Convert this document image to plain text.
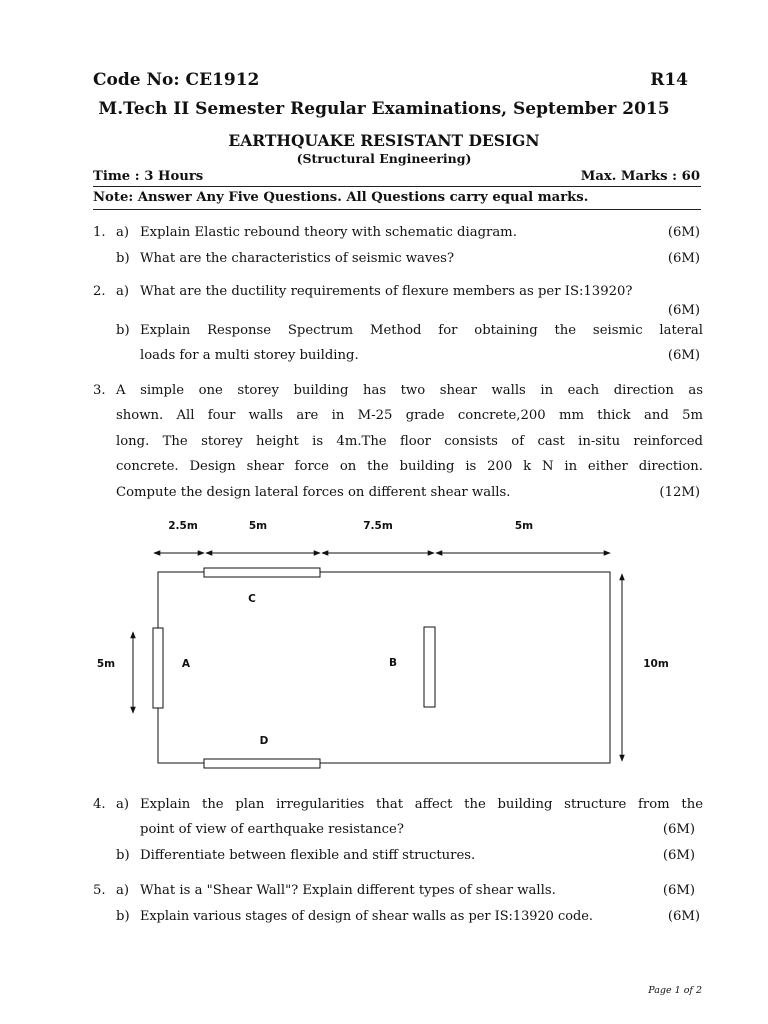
Code No: CE1912	R14
M.Tech II Semester Regular Examinations, September 2015
EARTHQUAKE RESISTANT DESIGN
(Structural Engineering)
Time : 3 Hours	Max. Marks : 60
Note: Answer Any Five Questions. All Questions carry equal marks.
1. a) Explain Elastic rebound theory with schematic diagram.	(6M)
b) What are the characteristics of seismic waves?	(6M)
2. a) What are the ductility requirements of flexure members as per IS:13920?
(6M)
b) Explain Response Spectrum Method for obtaining the seismic lateral
loads for a multi storey building.	(6M)
3. A simple one storey building has two shear walls in each direction as
shown. All four walls are in M-25 grade concrete,200 mm thick and 5m
long. The storey height is 4m.The floor consists of cast in-situ reinforced
concrete. Design shear force on the building is 200 k N in either direction.
Compute the design lateral forces on different shear walls.	(12M)
2.5m	5m	7.5m	5m
C
D
A	B
5m	10m
4. a) Explain the plan irregularities that affect the building structure from the
point of view of earthquake resistance?	(6M)
b) Differentiate between flexible and stiff structures.	(6M)
5. a) What is a "Shear Wall"? Explain different types of shear walls.	(6M)
b) Explain various stages of design of shear walls as per IS:13920 code.	(6M)
Page 1 of 2
